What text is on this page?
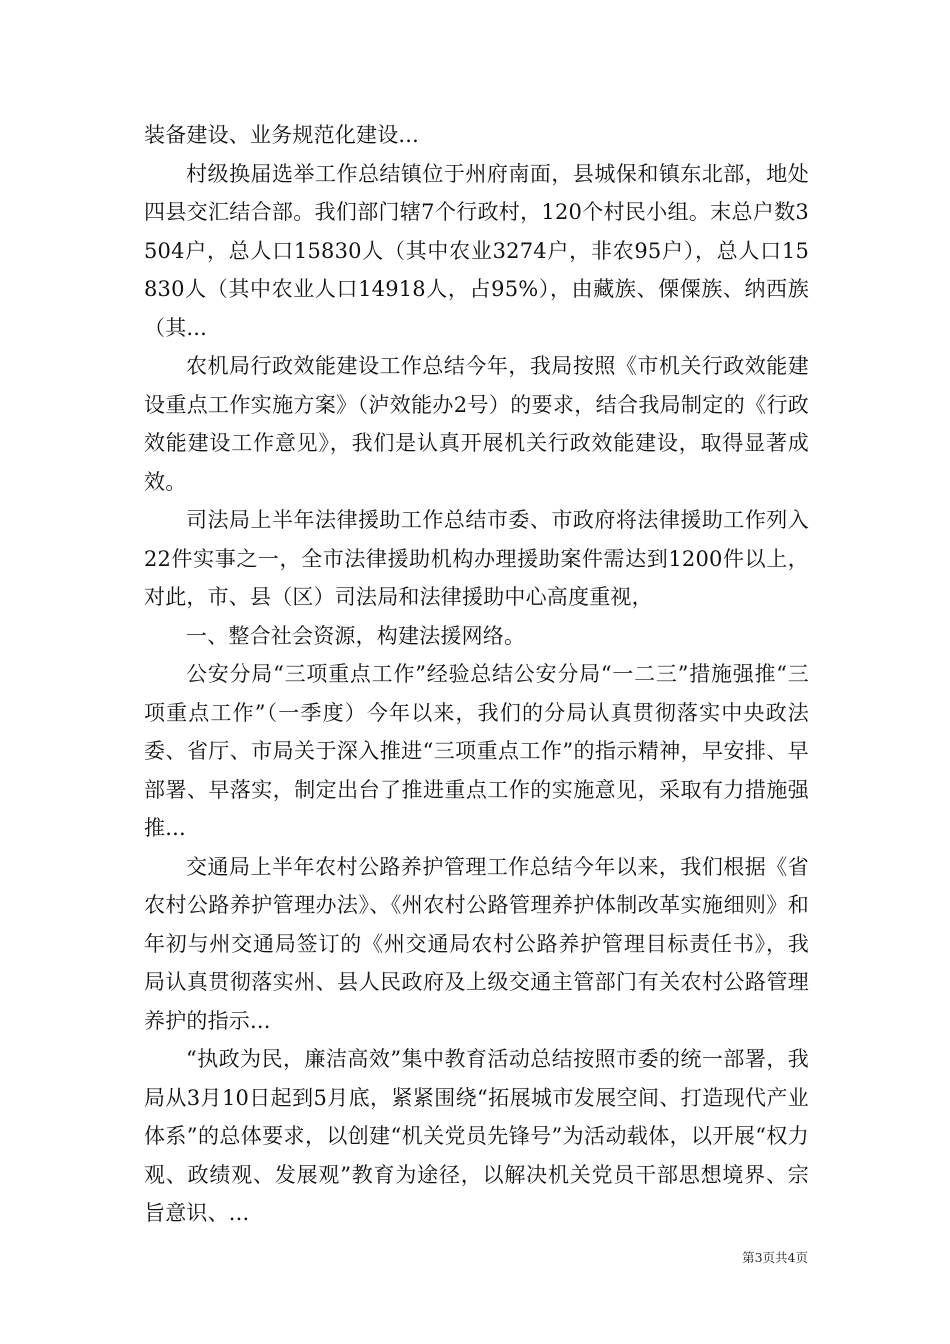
装备建设、业务规范化建设...

村级换届选举工作总结镇位于州府南面，县城保和镇东北部，地处四县交汇结合部。我们部门辖7个行政村，120个村民小组。末总户数3504户，总人口15830人（其中农业3274户，非农95户），总人口15830人（其中农业人口14918人，占95%），由藏族、傈僳族、纳西族（其...

农机局行政效能建设工作总结今年，我局按照《市机关行政效能建设重点工作实施方案》（泸效能办2号）的要求，结合我局制定的《行政效能建设工作意见》，我们是认真开展机关行政效能建设，取得显著成效。

司法局上半年法律援助工作总结市委、市政府将法律援助工作列入22件实事之一，全市法律援助机构办理援助案件需达到1200件以上，对此，市、县（区）司法局和法律援助中心高度重视，

一、整合社会资源，构建法援网络。

公安分局“三项重点工作”经验总结公安分局“一二三”措施强推“三项重点工作”（一季度）今年以来，我们的分局认真贯彻落实中央政法委、省厅、市局关于深入推进“三项重点工作”的指示精神，早安排、早部署、早落实，制定出台了推进重点工作的实施意见，采取有力措施强推...

交通局上半年农村公路养护管理工作总结今年以来，我们根据《省农村公路养护管理办法》、《州农村公路管理养护体制改革实施细则》和年初与州交通局签订的《州交通局农村公路养护管理目标责任书》，我局认真贯彻落实州、县人民政府及上级交通主管部门有关农村公路管理养护的指示...

“执政为民，廉洁高效”集中教育活动总结按照市委的统一部署，我局从3月10日起到5月底，紧紧围绕“拓展城市发展空间、打造现代产业体系”的总体要求，以创建“机关党员先锋号”为活动载体，以开展“权力观、政绩观、发展观”教育为途径，以解决机关党员干部思想境界、宗旨意识、...

第3页共4页
